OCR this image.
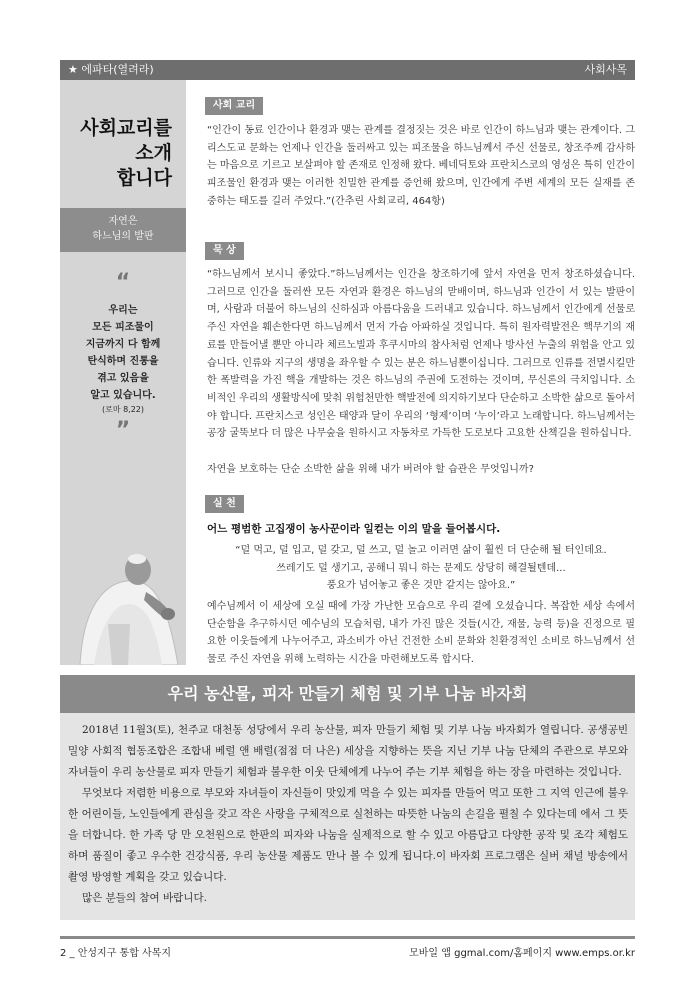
★ 에파타(열려라)	사회사목
사회교리를
소개
합니다
자연은
하느님의 발판
“
우리는
모든 피조물이
지금까지 다 함께
탄식하며 진통을
겪고 있음을
알고 있습니다.
(로마 8,22)
”
사회 교리
“인간이 동료 인간이나 환경과 맺는 관계를 결정짓는 것은 바로 인간이 하느님과 맺는 관계이다. 그리스도교 문화는 언제나 인간을 둘러싸고 있는 피조물을 하느님께서 주신 선물로, 창조주께 감사하는 마음으로 기르고 보살펴야 할 존재로 인정해 왔다. 베네딕토와 프란치스코의 영성은 특히 인간이 피조물인 환경과 맺는 이러한 친밀한 관계를 증언해 왔으며, 인간에게 주변 세계의 모든 실재를 존중하는 태도를 길러 주었다.”(간추린 사회교리, 464항)
묵 상
“하느님께서 보시니 좋았다.”하느님께서는 인간을 창조하기에 앞서 자연을 먼저 창조하셨습니다. 그러므로 인간을 둘러싼 모든 자연과 환경은 하느님의 맏배이며, 하느님과 인간이 서 있는 발판이며, 사람과 더불어 하느님의 신하심과 아름다움을 드러내고 있습니다. 하느님께서 인간에게 선물로 주신 자연을 훼손한다면 하느님께서 먼저 가슴 아파하실 것입니다. 특히 원자력발전은 핵무기의 재료를 만들어낼 뿐만 아니라 체르노빌과 후쿠시마의 참사처럼 언제나 방사선 누출의 위험을 안고 있습니다. 인류와 지구의 생명을 좌우할 수 있는 분은 하느님뿐이십니다. 그러므로 인류를 전멸시킬만한 폭발력을 가진 핵을 개발하는 것은 하느님의 주권에 도전하는 것이며, 무신론의 극치입니다. 소비적인 우리의 생활방식에 맞춰 위험천만한 핵발전에 의지하기보다 단순하고 소박한 삶으로 돌아서야 합니다. 프란치스코 성인은 태양과 달이 우리의 ‘형제’이며 ‘누이’라고 노래합니다. 하느님께서는 공장 굴뚝보다 더 많은 나무숲을 원하시고 자동차로 가득한 도로보다 고요한 산책길을 원하십니다.
자연을 보호하는 단순 소박한 삶을 위해 내가 버려야 할 습관은 무엇입니까?
실 천
어느 평범한 고집쟁이 농사꾼이라 일컫는 이의 말을 들어봅시다.
“덜 먹고, 덜 입고, 덜 갖고, 덜 쓰고, 덜 놀고 이러면 삶이 훨씬 더 단순해 될 터인데요.
쓰레기도 덜 생기고, 공해니 뭐니 하는 문제도 상당히 해결될텐데...
풍요가 넘어놓고 좋은 것만 같지는 않아요.”
예수님께서 이 세상에 오실 때에 가장 가난한 모습으로 우리 곁에 오셨습니다. 복잡한 세상 속에서 단순함을 추구하시던 예수님의 모습처럼, 내가 가진 많은 것들(시간, 재물, 능력 등)을 진정으로 필요한 이웃들에게 나누어주고, 과소비가 아닌 건전한 소비 문화와 친환경적인 소비로 하느님께서 선물로 주신 자연을 위해 노력하는 시간을 마련해보도록 합시다.
우리 농산물, 피자 만들기 체험 및 기부 나눔 바자회

2018년 11월3(토), 천주교 대천동 성당에서 우리 농산물, 피자 만들기 체험 및 기부 나눔 바자회가 열립니다. 공생공빈 밀양 사회적 협동조합은 조합내 베럴 앤 배럴(점점 더 나은) 세상을 지향하는 뜻을 지닌 기부 나눔 단체의 주관으로 부모와 자녀들이 우리 농산물로 피자 만들기 체험과 불우한 이웃 단체에게 나누어 주는 기부 체험을 하는 장을 마련하는 것입니다.

무엇보다 저렴한 비용으로 부모와 자녀들이 자신들이 맛있게 먹을 수 있는 피자를 만들어 먹고 또한 그 지역 인근에 불우한 어린이들, 노인들에게 관심을 갖고 작은 사랑을 구체적으로 실천하는 따뜻한 나눔의 손길을 펼칠 수 있다는데 에서 그 뜻을 더합니다. 한 가족 당 만 오천원으로 한판의 피자와 나눔을 실제적으로 할 수 있고 아름답고 다양한 공작 및 조각 체험도 하며 품질이 좋고 우수한 건강식품, 우리 농산물 제품도 만나 볼 수 있게 됩니다.이 바자회 프로그램은 실버 채널 방송에서 촬영 방영할 계획을 갖고 있습니다.

많은 분들의 참여 바랍니다.

2 _ 안성지구 통합 사목지	모바일 앱 ggmal.com/홈페이지 www.emps.or.kr
